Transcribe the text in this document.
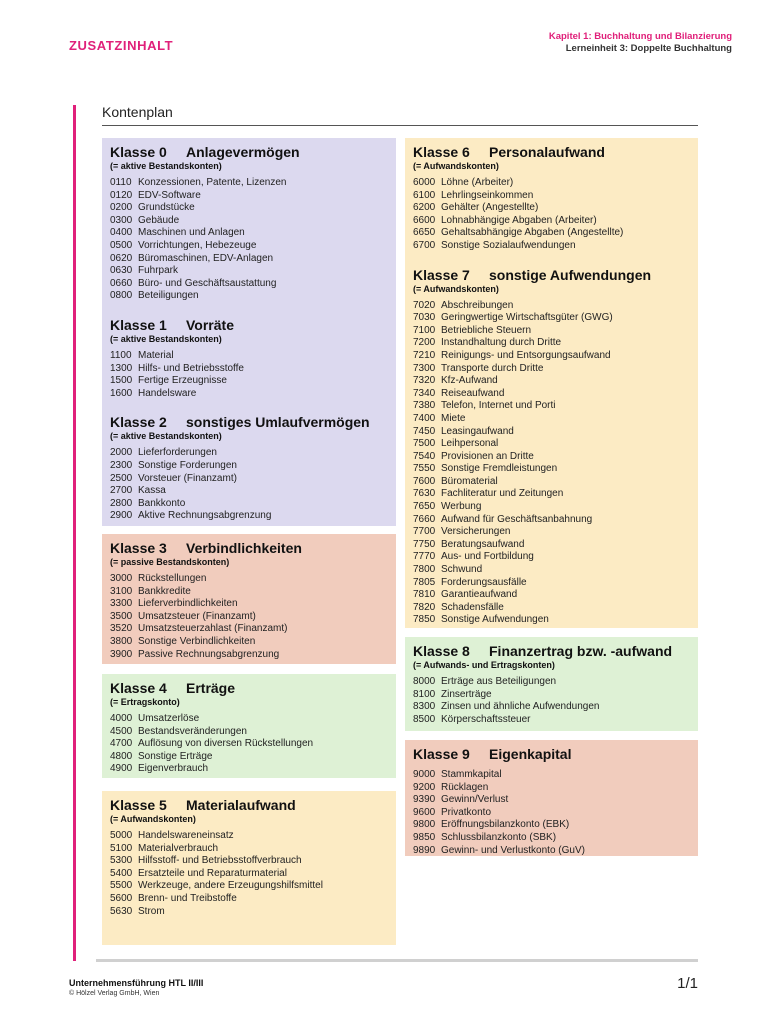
ZUSATZINHALT
Kapitel 1: Buchhaltung und Bilanzierung
Lerneinheit 3: Doppelte Buchhaltung
Kontenplan
Klasse 0	Anlagevermögen
(= aktive Bestandskonten)
0110 Konzessionen, Patente, Lizenzen
0120 EDV-Software
0200 Grundstücke
0300 Gebäude
0400 Maschinen und Anlagen
0500 Vorrichtungen, Hebezeuge
0620 Büromaschinen, EDV-Anlagen
0630 Fuhrpark
0660 Büro- und Geschäftsaustattung
0800 Beteiligungen
Klasse 1	Vorräte
(= aktive Bestandskonten)
1100 Material
1300 Hilfs- und Betriebsstoffe
1500 Fertige Erzeugnisse
1600 Handelsware
Klasse 2	sonstiges Umlaufvermögen
(= aktive Bestandskonten)
2000 Lieferforderungen
2300 Sonstige Forderungen
2500 Vorsteuer (Finanzamt)
2700 Kassa
2800 Bankkonto
2900 Aktive Rechnungsabgrenzung
Klasse 3	Verbindlichkeiten
(= passive Bestandskonten)
3000 Rückstellungen
3100 Bankkredite
3300 Lieferverbindlichkeiten
3500 Umsatzsteuer (Finanzamt)
3520 Umsatzsteuerzahlast (Finanzamt)
3800 Sonstige Verbindlichkeiten
3900 Passive Rechnungsabgrenzung
Klasse 4	Erträge
(= Ertragskonto)
4000 Umsatzerlöse
4500 Bestandsveränderungen
4700 Auflösung von diversen Rückstellungen
4800 Sonstige Erträge
4900 Eigenverbrauch
Klasse 5	Materialaufwand
(= Aufwandskonten)
5000 Handelswareneinsatz
5100 Materialverbrauch
5300 Hilfsstoff- und Betriebsstoffverbrauch
5400 Ersatzteile und Reparaturmaterial
5500 Werkzeuge, andere Erzeugungshilfsmittel
5600 Brenn- und Treibstoffe
5630 Strom
Klasse 6	Personalaufwand
(= Aufwandskonten)
6000 Löhne (Arbeiter)
6100 Lehrlingseinkommen
6200 Gehälter (Angestellte)
6600 Lohnabhängige Abgaben (Arbeiter)
6650 Gehaltsabhängige Abgaben (Angestellte)
6700 Sonstige Sozialaufwendungen
Klasse 7	sonstige Aufwendungen
(= Aufwandskonten)
7020 Abschreibungen
7030 Geringwertige Wirtschaftsgüter (GWG)
7100 Betriebliche Steuern
7200 Instandhaltung durch Dritte
7210 Reinigungs- und Entsorgungsaufwand
7300 Transporte durch Dritte
7320 Kfz-Aufwand
7340 Reiseaufwand
7380 Telefon, Internet und Porti
7400 Miete
7450 Leasingaufwand
7500 Leihpersonal
7540 Provisionen an Dritte
7550 Sonstige Fremdleistungen
7600 Büromaterial
7630 Fachliteratur und Zeitungen
7650 Werbung
7660 Aufwand für Geschäftsanbahnung
7700 Versicherungen
7750 Beratungsaufwand
7770 Aus- und Fortbildung
7800 Schwund
7805 Forderungsausfälle
7810 Garantieaufwand
7820 Schadensfälle
7850 Sonstige Aufwendungen
Klasse 8	Finanzertrag bzw. -aufwand
(= Aufwands- und Ertragskonten)
8000 Erträge aus Beteiligungen
8100 Zinserträge
8300 Zinsen und ähnliche Aufwendungen
8500 Körperschaftssteuer
Klasse 9	Eigenkapital
9000 Stammkapital
9200 Rücklagen
9390 Gewinn/Verlust
9600 Privatkonto
9800 Eröffnungsbilanzkonto (EBK)
9850 Schlussbilanzkonto (SBK)
9890 Gewinn- und Verlustkonto (GuV)
Unternehmensführung HTL II/III
© Hölzel Verlag GmbH, Wien
1/1
